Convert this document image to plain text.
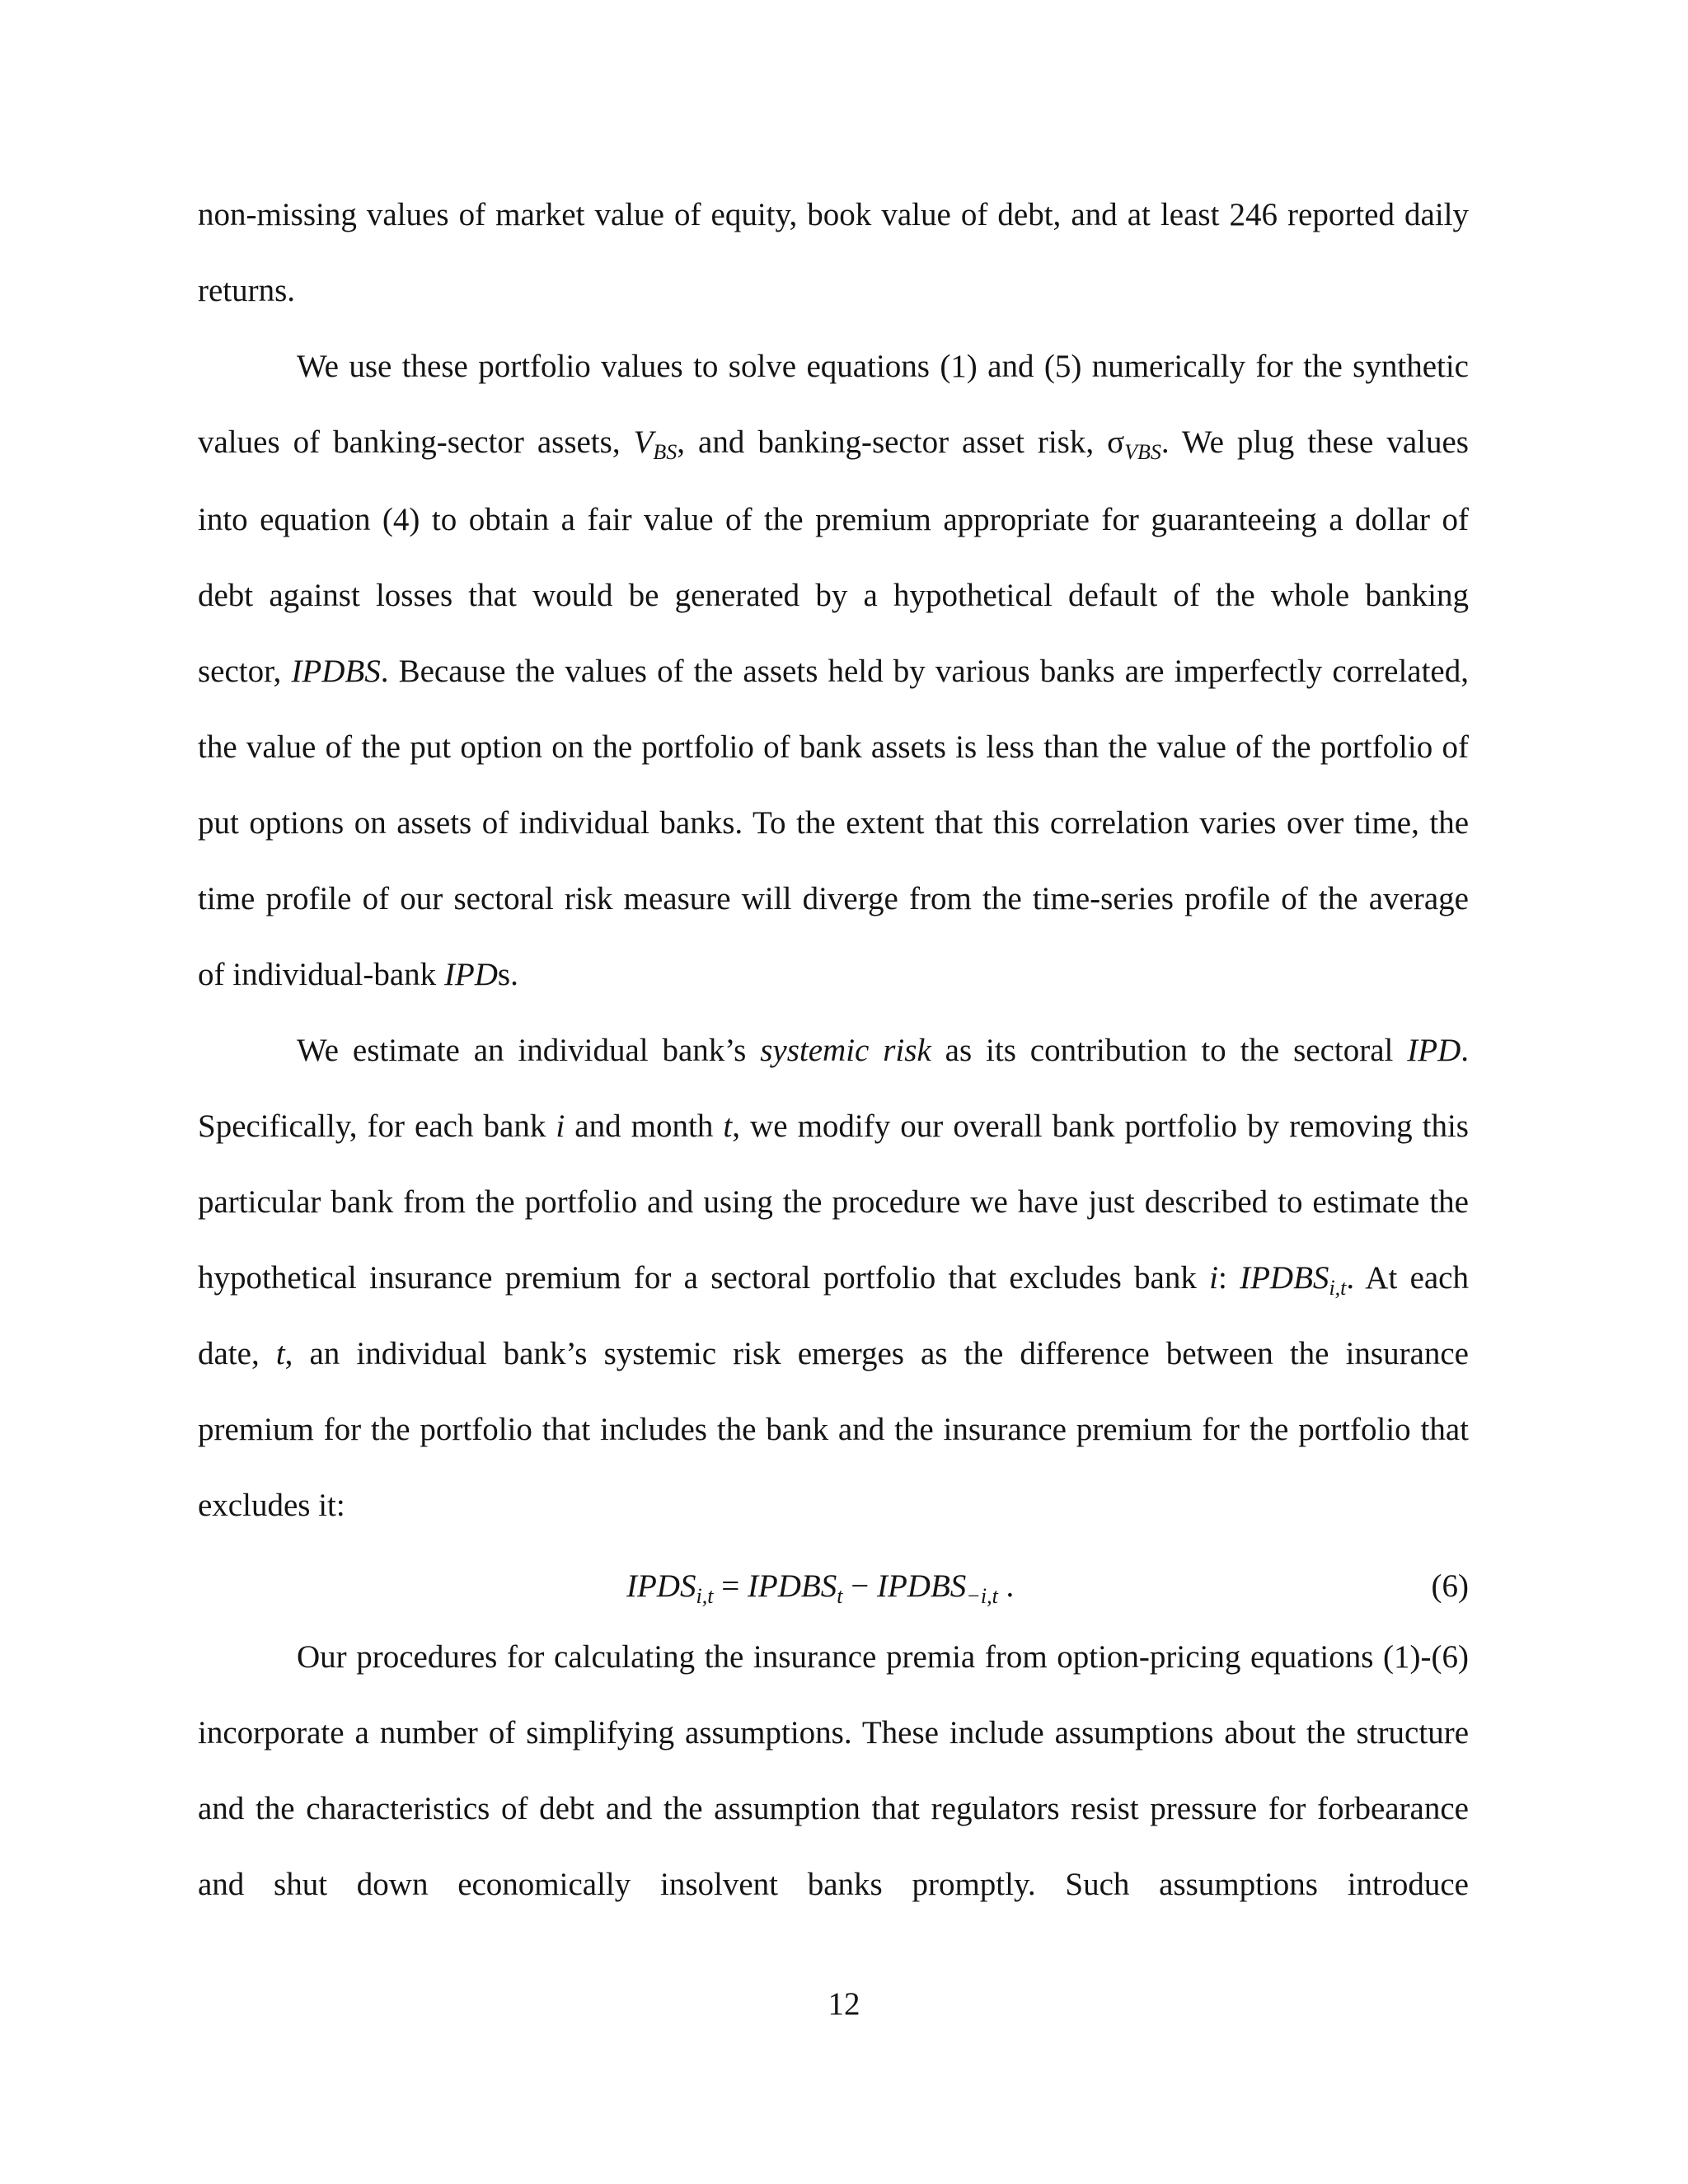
non-missing values of market value of equity, book value of debt, and at least 246 reported daily
returns.
We use these portfolio values to solve equations (1) and (5) numerically for the synthetic
values of banking-sector assets, $V_{BS}$, and banking-sector asset risk, $\sigma_{VBS}$. We plug these values
into equation (4) to obtain a fair value of the premium appropriate for guaranteeing a dollar of
debt against losses that would be generated by a hypothetical default of the whole banking
sector, IPDBS. Because the values of the assets held by various banks are imperfectly correlated,
the value of the put option on the portfolio of bank assets is less than the value of the portfolio of
put options on assets of individual banks. To the extent that this correlation varies over time, the
time profile of our sectoral risk measure will diverge from the time-series profile of the average
of individual-bank IPDs.
We estimate an individual bank’s systemic risk as its contribution to the sectoral IPD.
Specifically, for each bank i and month t, we modify our overall bank portfolio by removing this
particular bank from the portfolio and using the procedure we have just described to estimate the
hypothetical insurance premium for a sectoral portfolio that excludes bank i: $IPDBS_{i,t}$. At each
date, t, an individual bank’s systemic risk emerges as the difference between the insurance
premium for the portfolio that includes the bank and the insurance premium for the portfolio that
excludes it:
$IPDS_{i,t}$ = $IPDBS_t$ − $IPDBS_{-i,t}$ .	(6)
Our procedures for calculating the insurance premia from option-pricing equations (1)-(6)
incorporate a number of simplifying assumptions. These include assumptions about the structure
and the characteristics of debt and the assumption that regulators resist pressure for forbearance
and shut down economically insolvent banks promptly. Such assumptions introduce
12
